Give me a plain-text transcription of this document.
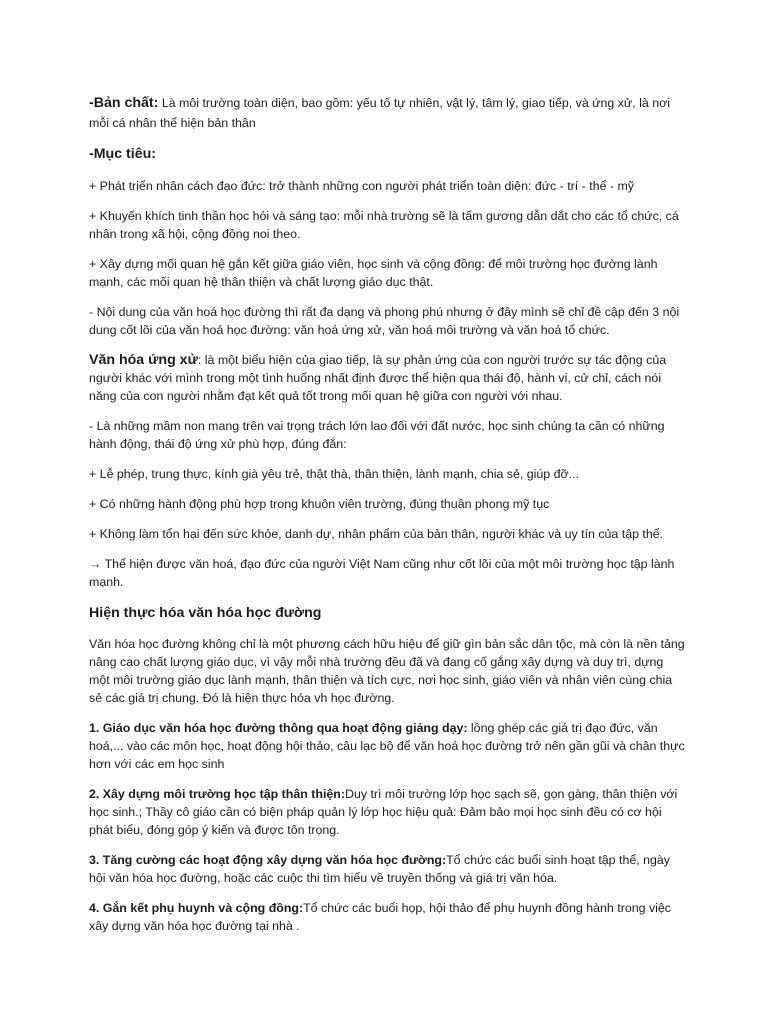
-Bản chất: Là môi trường toàn diện, bao gồm: yếu tố tự nhiên, vật lý, tâm lý, giao tiếp, và ứng xử, là nơi mỗi cá nhân thể hiện bản thân

-Mục tiêu:

+ Phát triển nhân cách đạo đức: trở thành những con người phát triển toàn diện: đức - trí - thể - mỹ

+ Khuyến khích tinh thần học hỏi và sáng tạo: mỗi nhà trường sẽ là tấm gương dẫn dắt cho các tổ chức, cá nhân trong xã hội, cộng đồng noi theo.

+ Xây dựng mối quan hệ gắn kết giữa giáo viên, học sinh và cộng đồng: để môi trường học đường lành mạnh, các mối quan hệ thân thiện và chất lượng giáo dục thật.

- Nội dung của văn hoá học đường thì rất đa dạng và phong phú nhưng ở đây mình sẽ chỉ đề cập đến 3 nội dung cốt lõi của văn hoá học đường: văn hoá ứng xử, văn hoá môi trường và văn hoá tổ chức.

Văn hóa ứng xử: là một biểu hiện của giao tiếp, là sự phản ứng của con người trước sự tác động của người khác với mình trong một tình huống nhất định được thể hiện qua thái độ, hành vi, cử chỉ, cách nói năng của con người nhằm đạt kết quả tốt trong mối quan hệ giữa con người với nhau.

- Là những mầm non mang trên vai trọng trách lớn lao đối với đất nước, học sinh chúng ta cần có những hành động, thái độ ứng xử phù hợp, đúng đắn:

+ Lễ phép, trung thực, kính già yêu trẻ, thật thà, thân thiện, lành mạnh, chia sẻ, giúp đỡ...

+ Có những hành động phù hợp trong khuôn viên trường, đúng thuần phong mỹ tục

+ Không làm tổn hại đến sức khỏe, danh dự, nhân phẩm của bản thân, người khác và uy tín của tập thể.

→ Thể hiện được văn hoá, đạo đức của người Việt Nam cũng như cốt lõi của một môi trường học tập lành mạnh.

Hiện thực hóa văn hóa học đường

Văn hóa học đường không chỉ là một phương cách hữu hiệu để giữ gìn bản sắc dân tộc, mà còn là nền tảng nâng cao chất lượng giáo dục, vì vậy mỗi nhà trường đều đã và đang cố gắng xây dựng và duy trì, dựng một môi trường giáo dục lành mạnh, thân thiện và tích cực, nơi học sinh, giáo viên và nhân viên cùng chia sẻ các giá trị chung. Đó là hiện thực hóa vh học đường.

1. Giáo dục văn hóa học đường thông qua hoạt động giảng dạy: lồng ghép các giá trị đạo đức, văn hoá,... vào các môn học, hoạt động hội thảo, câu lạc bộ để văn hoá học đường trở nên gần gũi và chân thực hơn với các em học sinh

2. Xây dựng môi trường học tập thân thiện:Duy trì môi trường lớp học sạch sẽ, gọn gàng, thân thiện với học sinh.; Thầy cô giáo cần có biện pháp quản lý lớp học hiệu quả: Đảm bảo mọi học sinh đều có cơ hội phát biểu, đóng góp ý kiến và được tôn trọng.

3. Tăng cường các hoạt động xây dựng văn hóa học đường:Tổ chức các buổi sinh hoạt tập thể, ngày hội văn hóa học đường, hoặc các cuộc thi tìm hiểu về truyền thống và giá trị văn hóa.

4. Gắn kết phụ huynh và cộng đồng:Tổ chức các buổi họp, hội thảo để phụ huynh đồng hành trong việc xây dựng văn hóa học đường tại nhà .
